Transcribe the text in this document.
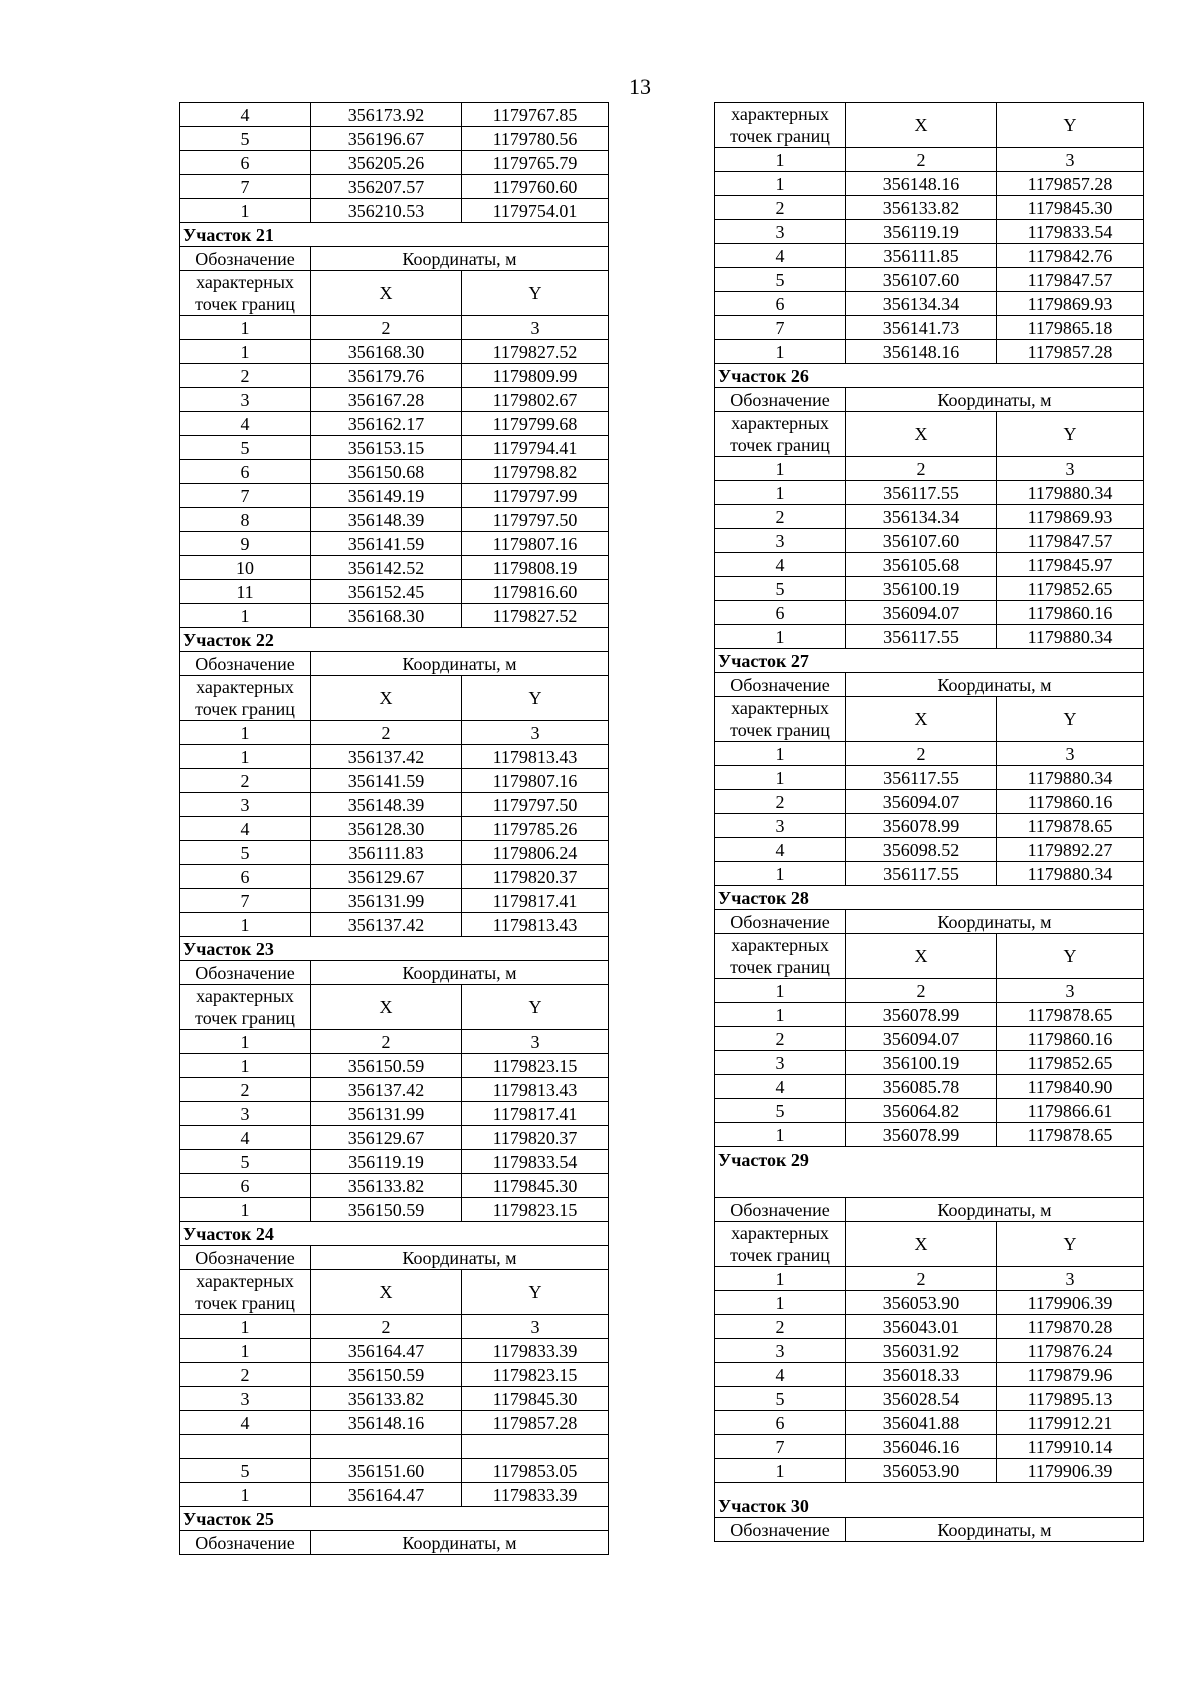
13
4	356173.92	1179767.85
5	356196.67	1179780.56
6	356205.26	1179765.79
7	356207.57	1179760.60
1	356210.53	1179754.01
Участок 21		
Обозначение	Координаты, м	

характерных
точек границ	X	Y

1	2	3
1	356168.30	1179827.52
2	356179.76	1179809.99
3	356167.28	1179802.67
4	356162.17	1179799.68
5	356153.15	1179794.41
6	356150.68	1179798.82
7	356149.19	1179797.99
8	356148.39	1179797.50
9	356141.59	1179807.16
10	356142.52	1179808.19
11	356152.45	1179816.60
1	356168.30	1179827.52
Участок 22		
Обозначение	Координаты, м	

характерных
точек границ	X	Y

1	2	3
1	356137.42	1179813.43
2	356141.59	1179807.16
3	356148.39	1179797.50
4	356128.30	1179785.26
5	356111.83	1179806.24
6	356129.67	1179820.37
7	356131.99	1179817.41
1	356137.42	1179813.43
Участок 23		
Обозначение	Координаты, м	

характерных
точек границ	X	Y

1	2	3
1	356150.59	1179823.15
2	356137.42	1179813.43
3	356131.99	1179817.41
4	356129.67	1179820.37
5	356119.19	1179833.54
6	356133.82	1179845.30
1	356150.59	1179823.15
Участок 24		
Обозначение	Координаты, м	

характерных
точек границ	X	Y

1	2	3
1	356164.47	1179833.39
2	356150.59	1179823.15
3	356133.82	1179845.30
4	356148.16	1179857.28

5	356151.60	1179853.05
1	356164.47	1179833.39
Участок 25		
Обозначение	Координаты, м	
характерных
точек границ	X	Y

1	2	3
1	356148.16	1179857.28
2	356133.82	1179845.30
3	356119.19	1179833.54
4	356111.85	1179842.76
5	356107.60	1179847.57
6	356134.34	1179869.93
7	356141.73	1179865.18
1	356148.16	1179857.28
Участок 26		
Обозначение	Координаты, м	

характерных
точек границ	X	Y

1	2	3
1	356117.55	1179880.34
2	356134.34	1179869.93
3	356107.60	1179847.57
4	356105.68	1179845.97
5	356100.19	1179852.65
6	356094.07	1179860.16
1	356117.55	1179880.34
Участок 27		
Обозначение	Координаты, м	

характерных
точек границ	X	Y

1	2	3
1	356117.55	1179880.34
2	356094.07	1179860.16
3	356078.99	1179878.65
4	356098.52	1179892.27
1	356117.55	1179880.34
Участок 28		
Обозначение	Координаты, м	

характерных
точек границ	X	Y

1	2	3
1	356078.99	1179878.65
2	356094.07	1179860.16
3	356100.19	1179852.65
4	356085.78	1179840.90
5	356064.82	1179866.61
1	356078.99	1179878.65
Участок 29		
Обозначение	Координаты, м	

характерных
точек границ	X	Y

1	2	3
1	356053.90	1179906.39
2	356043.01	1179870.28
3	356031.92	1179876.24
4	356018.33	1179879.96
5	356028.54	1179895.13
6	356041.88	1179912.21
7	356046.16	1179910.14
1	356053.90	1179906.39
Участок 30		
Обозначение	Координаты, м	
